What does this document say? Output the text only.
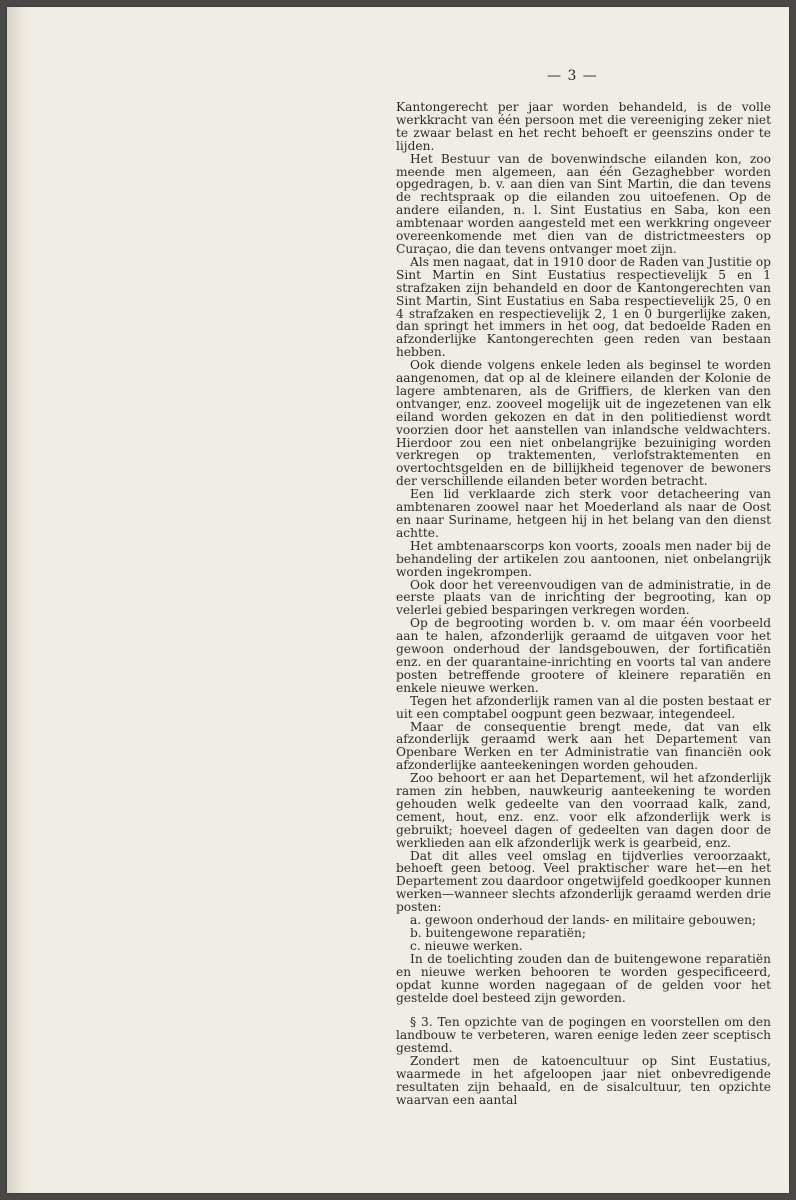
— 3 —

Kantongerecht per jaar worden behandeld, is de volle werkkracht van één persoon met die vereeniging zeker niet te zwaar belast en het recht behoeft er geenszins onder te lijden.

Het Bestuur van de bovenwindsche eilanden kon, zoo meende men algemeen, aan één Gezaghebber worden opgedragen, b. v. aan dien van Sint Martin, die dan tevens de rechtspraak op die eilanden zou uitoefenen. Op de andere eilanden, n. l. Sint Eustatius en Saba, kon een ambtenaar worden aangesteld met een werkkring ongeveer overeenkomende met dien van de districtmeesters op Curaçao, die dan tevens ontvanger moet zijn.

Als men nagaat, dat in 1910 door de Raden van Justitie op Sint Martin en Sint Eustatius respectievelijk 5 en 1 strafzaken zijn behandeld en door de Kantongerechten van Sint Martin, Sint Eustatius en Saba respectievelijk 25, 0 en 4 strafzaken en respectievelijk 2, 1 en 0 burgerlijke zaken, dan springt het immers in het oog, dat bedoelde Raden en afzonderlijke Kantongerechten geen reden van bestaan hebben.

Ook diende volgens enkele leden als beginsel te worden aangenomen, dat op al de kleinere eilanden der Kolonie de lagere ambtenaren, als de Griffiers, de klerken van den ontvanger, enz. zooveel mogelijk uit de ingezetenen van elk eiland worden gekozen en dat in den politiedienst wordt voorzien door het aanstellen van inlandsche veldwachters. Hierdoor zou een niet onbelangrijke bezuiniging worden verkregen op traktementen, verlofstraktementen en overtochtsgelden en de billijkheid tegenover de bewoners der verschillende eilanden beter worden betracht.

Een lid verklaarde zich sterk voor detacheering van ambtenaren zoowel naar het Moederland als naar de Oost en naar Suriname, hetgeen hij in het belang van den dienst achtte.

Het ambtenaarscorps kon voorts, zooals men nader bij de behandeling der artikelen zou aantoonen, niet onbelangrijk worden ingekrompen.

Ook door het vereenvoudigen van de administratie, in de eerste plaats van de inrichting der begrooting, kan op velerlei gebied besparingen verkregen worden.

Op de begrooting worden b. v. om maar één voorbeeld aan te halen, afzonderlijk geraamd de uitgaven voor het gewoon onderhoud der landsgebouwen, der fortificatiën enz. en der quarantaine-inrichting en voorts tal van andere posten betreffende grootere of kleinere reparatiën en enkele nieuwe werken.

Tegen het afzonderlijk ramen van al die posten bestaat er uit een comptabel oogpunt geen bezwaar, integendeel.

Maar de consequentie brengt mede, dat van elk afzonderlijk geraamd werk aan het Departement van Openbare Werken en ter Administratie van financiën ook afzonderlijke aanteekeningen worden gehouden.

Zoo behoort er aan het Departement, wil het afzonderlijk ramen zin hebben, nauwkeurig aanteekening te worden gehouden welk gedeelte van den voorraad kalk, zand, cement, hout, enz. enz. voor elk afzonderlijk werk is gebruikt; hoeveel dagen of gedeelten van dagen door de werklieden aan elk afzonderlijk werk is gearbeid, enz.

Dat dit alles veel omslag en tijdverlies veroorzaakt, behoeft geen betoog. Veel praktischer ware het—en het Departement zou daardoor ongetwijfeld goedkooper kunnen werken—wanneer slechts afzonderlijk geraamd werden drie posten:

a. gewoon onderhoud der lands- en militaire gebouwen;

b. buitengewone reparatiën;

c. nieuwe werken.

In de toelichting zouden dan de buitengewone reparatiën en nieuwe werken behooren te worden gespecificeerd, opdat kunne worden nagegaan of de gelden voor het gestelde doel besteed zijn geworden.

§ 3. Ten opzichte van de pogingen en voorstellen om den landbouw te verbeteren, waren eenige leden zeer sceptisch gestemd.

Zondert men de katoencultuur op Sint Eustatius, waarmede in het afgeloopen jaar niet onbevredigende resultaten zijn behaald, en de sisalcultuur, ten opzichte waarvan een aantal
